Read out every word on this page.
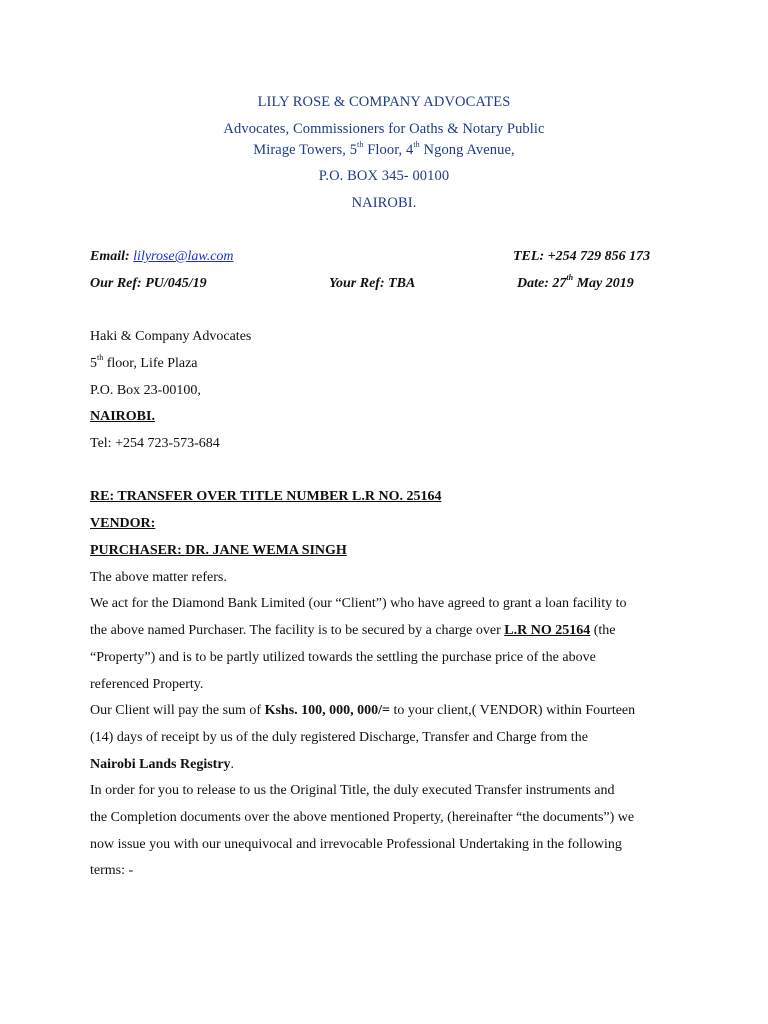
LILY ROSE & COMPANY ADVOCATES
Advocates, Commissioners for Oaths & Notary Public
Mirage Towers, 5th Floor, 4th Ngong Avenue,
P.O. BOX 345- 00100
NAIROBI.
Email: lilyrose@law.com	TEL: +254 729 856 173
Our Ref: PU/045/19	Your Ref: TBA	Date: 27th May 2019
Haki & Company Advocates
5th floor, Life Plaza
P.O. Box 23-00100,
NAIROBI.
Tel: +254 723-573-684
RE: TRANSFER OVER TITLE NUMBER L.R NO. 25164
VENDOR:
PURCHASER: DR. JANE WEMA SINGH
The above matter refers.
We act for the Diamond Bank Limited (our “Client”) who have agreed to grant a loan facility to
the above named Purchaser. The facility is to be secured by a charge over L.R NO 25164 (the
“Property”) and is to be partly utilized towards the settling the purchase price of the above
referenced Property.
Our Client will pay the sum of Kshs. 100, 000, 000/= to your client,( VENDOR) within Fourteen
(14) days of receipt by us of the duly registered Discharge, Transfer and Charge from the
Nairobi Lands Registry.
In order for you to release to us the Original Title, the duly executed Transfer instruments and
the Completion documents over the above mentioned Property, (hereinafter “the documents”) we
now issue you with our unequivocal and irrevocable Professional Undertaking in the following
terms: -
